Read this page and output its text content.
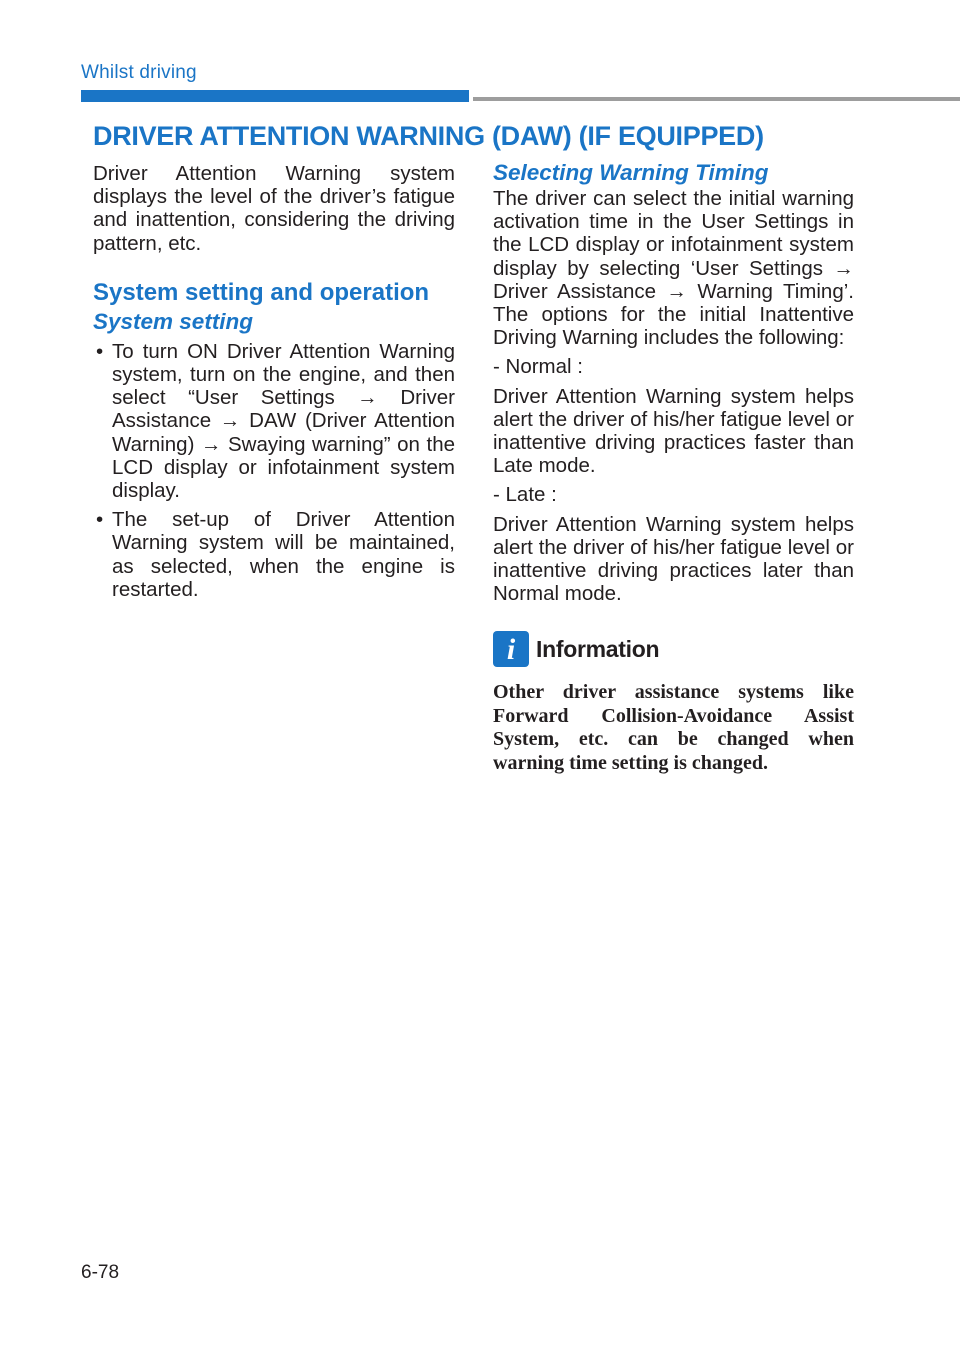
Whilst driving
DRIVER ATTENTION WARNING (DAW) (IF EQUIPPED)

Driver Attention Warning system displays the level of the driver’s fatigue and inattention, considering the driving pattern, etc.

System setting and operation
System setting
• To turn ON Driver Attention Warning system, turn on the engine, and then select “User Settings → Driver Assistance → DAW (Driver Attention Warning) → Swaying warning” on the LCD display or infotainment system display.
• The set-up of Driver Attention Warning system will be maintained, as selected, when the engine is restarted.
Selecting Warning Timing

The driver can select the initial warning activation time in the User Settings in the LCD display or infotainment system display by selecting ‘User Settings → Driver Assistance → Warning Timing’. The options for the initial Inattentive Driving Warning includes the following:

- Normal :

Driver Attention Warning system helps alert the driver of his/her fatigue level or inattentive driving practices faster than Late mode.

- Late :

Driver Attention Warning system helps alert the driver of his/her fatigue level or inattentive driving practices later than Normal mode.

i Information

Other driver assistance systems like Forward Collision-Avoidance Assist System, etc. can be changed when warning time setting is changed.

6-78
